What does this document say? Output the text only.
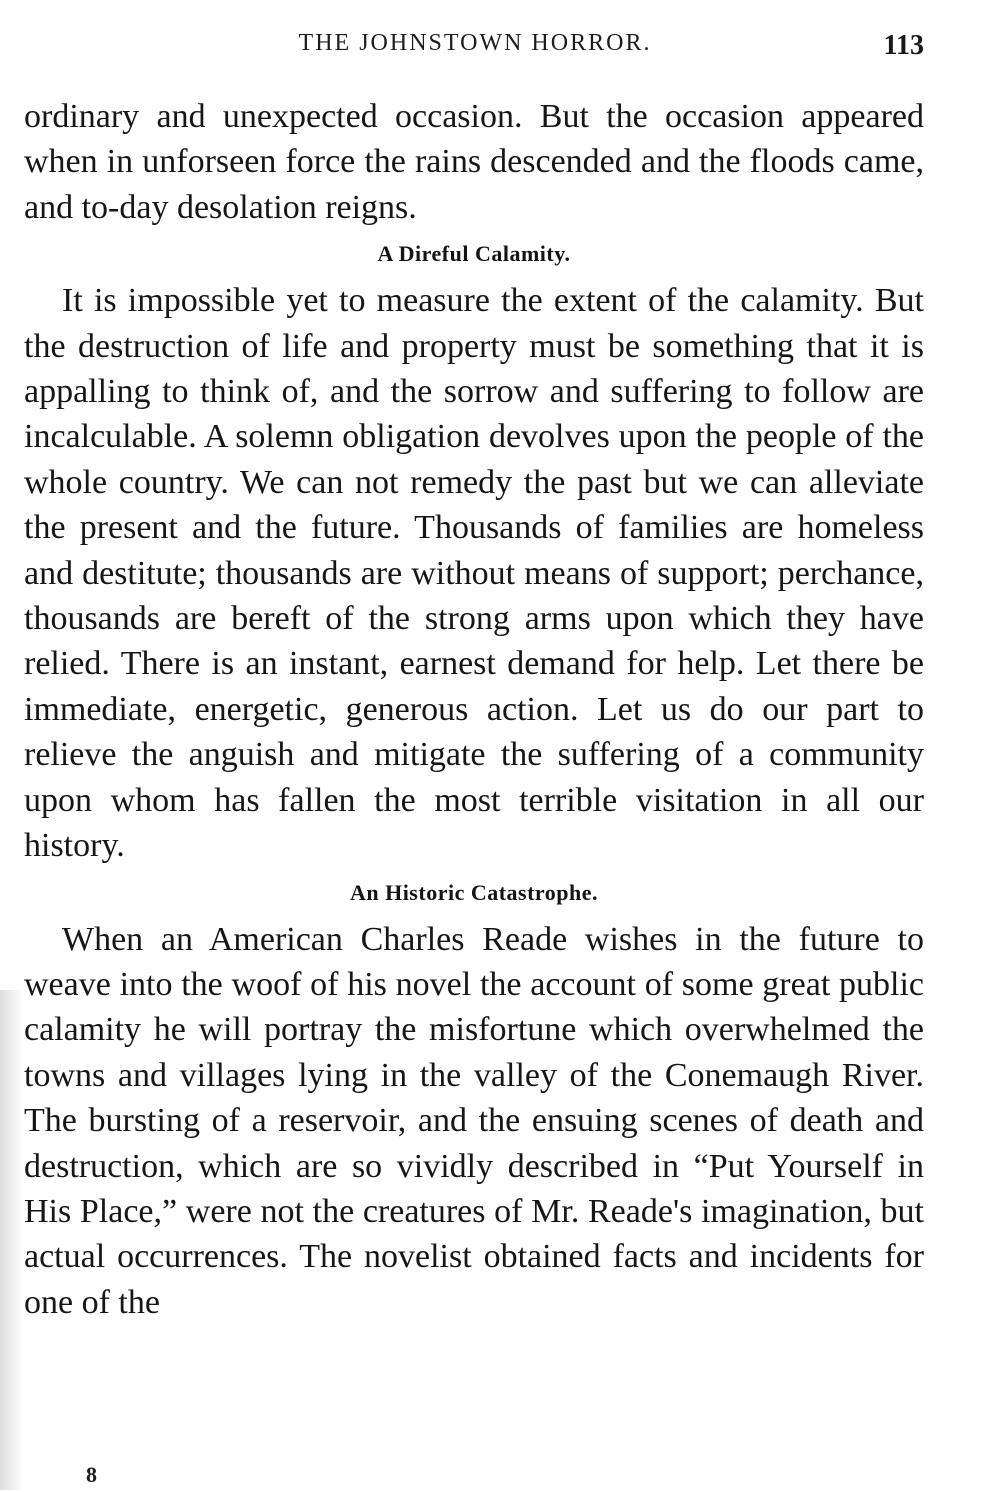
THE JOHNSTOWN HORROR.	113

ordinary and unexpected occasion. But the occasion appeared when in unforseen force the rains descended and the floods came, and to-day desolation reigns.

A Direful Calamity.

It is impossible yet to measure the extent of the calamity. But the destruction of life and property must be something that it is appalling to think of, and the sorrow and suffering to follow are incalculable. A solemn obligation devolves upon the people of the whole country. We can not remedy the past but we can alleviate the present and the future. Thousands of families are homeless and destitute; thousands are without means of support; perchance, thousands are bereft of the strong arms upon which they have relied. There is an instant, earnest demand for help. Let there be immediate, energetic, generous action. Let us do our part to relieve the anguish and mitigate the suffering of a community upon whom has fallen the most terrible visitation in all our history.

An Historic Catastrophe.

When an American Charles Reade wishes in the future to weave into the woof of his novel the account of some great public calamity he will portray the misfortune which overwhelmed the towns and villages lying in the valley of the Conemaugh River. The bursting of a reservoir, and the ensuing scenes of death and destruction, which are so vividly described in “Put Yourself in His Place,” were not the creatures of Mr. Reade's imagination, but actual occurrences. The novelist obtained facts and incidents for one of the

8
